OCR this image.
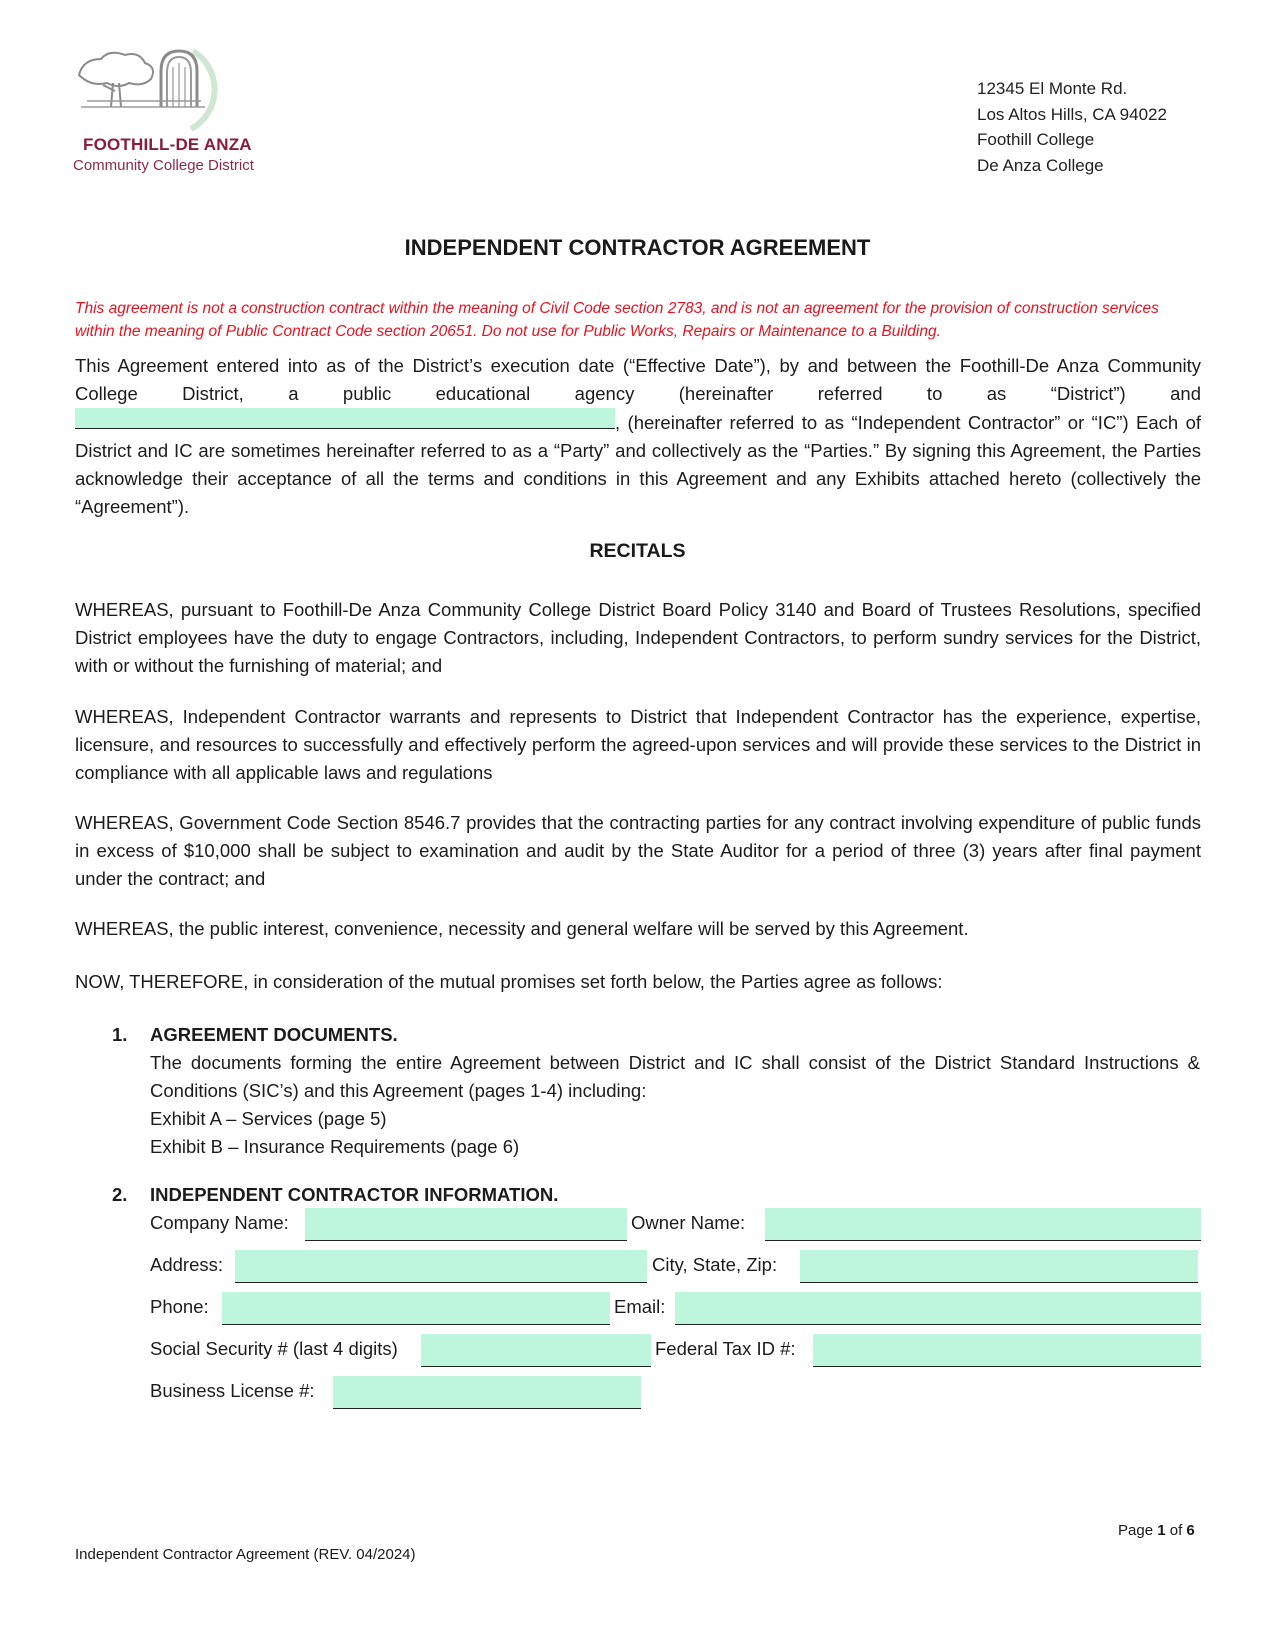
FOOTHILL-DE ANZA
Community College District
12345 El Monte Rd.
Los Altos Hills, CA 94022
Foothill College
De Anza College
INDEPENDENT CONTRACTOR AGREEMENT
This agreement is not a construction contract within the meaning of Civil Code section 2783, and is not an agreement for the provision of construction services within the meaning of Public Contract Code section 20651. Do not use for Public Works, Repairs or Maintenance to a Building.
This Agreement entered into as of the District’s execution date (“Effective Date”), by and between the Foothill-De Anza Community College District, a public educational agency (hereinafter referred to as “District”) and , (hereinafter referred to as “Independent Contractor” or “IC”) Each of District and IC are sometimes hereinafter referred to as a “Party” and collectively as the “Parties.” By signing this Agreement, the Parties acknowledge their acceptance of all the terms and conditions in this Agreement and any Exhibits attached hereto (collectively the “Agreement”).
RECITALS
WHEREAS, pursuant to Foothill-De Anza Community College District Board Policy 3140 and Board of Trustees Resolutions, specified District employees have the duty to engage Contractors, including, Independent Contractors, to perform sundry services for the District, with or without the furnishing of material; and
WHEREAS, Independent Contractor warrants and represents to District that Independent Contractor has the experience, expertise, licensure, and resources to successfully and effectively perform the agreed-upon services and will provide these services to the District in compliance with all applicable laws and regulations
WHEREAS, Government Code Section 8546.7 provides that the contracting parties for any contract involving expenditure of public funds in excess of $10,000 shall be subject to examination and audit by the State Auditor for a period of three (3) years after final payment under the contract; and
WHEREAS, the public interest, convenience, necessity and general welfare will be served by this Agreement.
NOW, THEREFORE, in consideration of the mutual promises set forth below, the Parties agree as follows:
1. AGREEMENT DOCUMENTS.
The documents forming the entire Agreement between District and IC shall consist of the District Standard Instructions & Conditions (SIC’s) and this Agreement (pages 1-4) including:
Exhibit A – Services (page 5)
Exhibit B – Insurance Requirements (page 6)
2. INDEPENDENT CONTRACTOR INFORMATION.
Company Name:	Owner Name:
Address:	City, State, Zip:
Phone:	Email:
Social Security # (last 4 digits)	Federal Tax ID #:
Business License #:
Page 1 of 6
Independent Contractor Agreement (REV. 04/2024)
